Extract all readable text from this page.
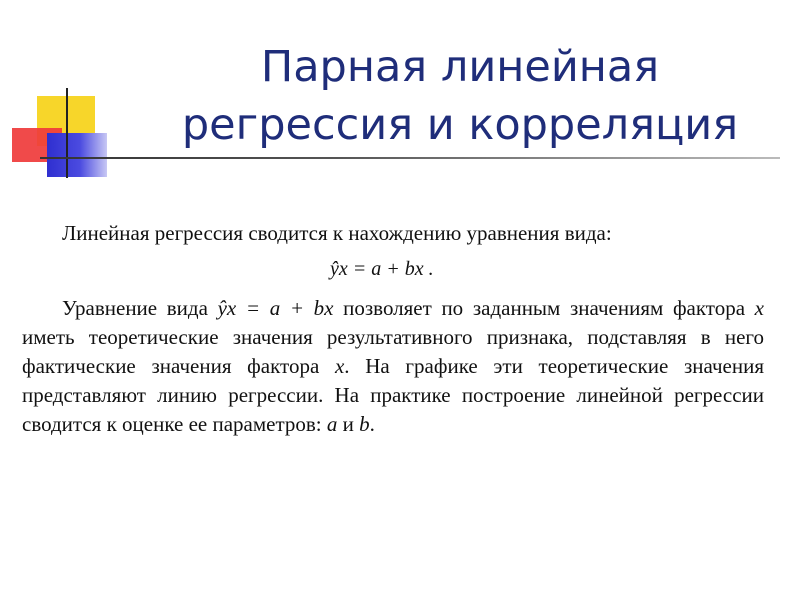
Парная линейная
регрессия и корреляция
Линейная регрессия сводится к нахождению уравнения вида:
ŷx = a + bx .
Уравнение вида ŷx = a + bx позволяет по заданным значениям фактора x иметь теоретические значения результативного признака, подставляя в него фактические значения фактора x. На графике эти теоретические значения представляют линию регрессии. На практике построение линейной регрессии сводится к оценке ее параметров: a и b.
